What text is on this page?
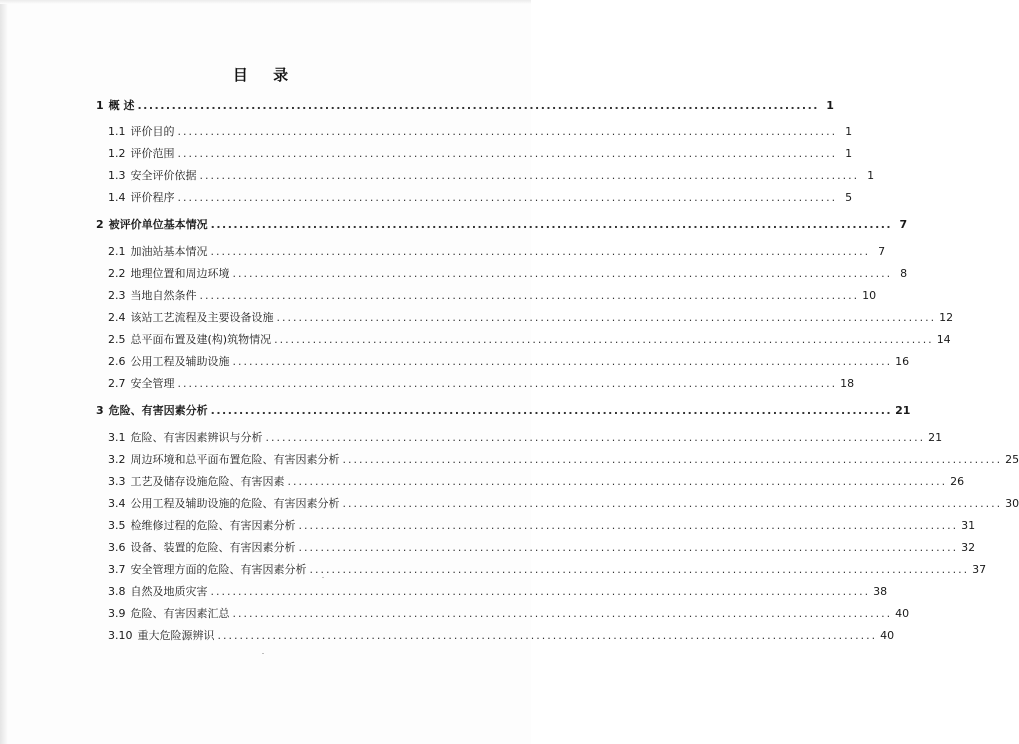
目 录
1 概 述 ........................................................................................................................ 1
1.1 评价目的 ........................................................................................................................ 1
1.2 评价范围 ........................................................................................................................ 1
1.3 安全评价依据 ........................................................................................................................ 1
1.4 评价程序 ........................................................................................................................ 5
2 被评价单位基本情况 ........................................................................................................................ 7
2.1 加油站基本情况 ........................................................................................................................ 7
2.2 地理位置和周边环境 ........................................................................................................................ 8
2.3 当地自然条件 ........................................................................................................................ 10
2.4 该站工艺流程及主要设备设施 ........................................................................................................................ 12
2.5 总平面布置及建(构)筑物情况 ........................................................................................................................ 14
2.6 公用工程及辅助设施 ........................................................................................................................ 16
2.7 安全管理 ........................................................................................................................ 18
3 危险、有害因素分析 ........................................................................................................................ 21
3.1 危险、有害因素辨识与分析 ........................................................................................................................ 21
3.2 周边环境和总平面布置危险、有害因素分析 ........................................................................................................................ 25
3.3 工艺及储存设施危险、有害因素 ........................................................................................................................ 26
3.4 公用工程及辅助设施的危险、有害因素分析 ........................................................................................................................ 30
3.5 检维修过程的危险、有害因素分析 ........................................................................................................................ 31
3.6 设备、装置的危险、有害因素分析 ........................................................................................................................ 32
3.7 安全管理方面的危险、有害因素分析 ........................................................................................................................ 37
3.8 自然及地质灾害 ........................................................................................................................ 38
3.9 危险、有害因素汇总 ........................................................................................................................ 40
3.10 重大危险源辨识 ........................................................................................................................ 40
